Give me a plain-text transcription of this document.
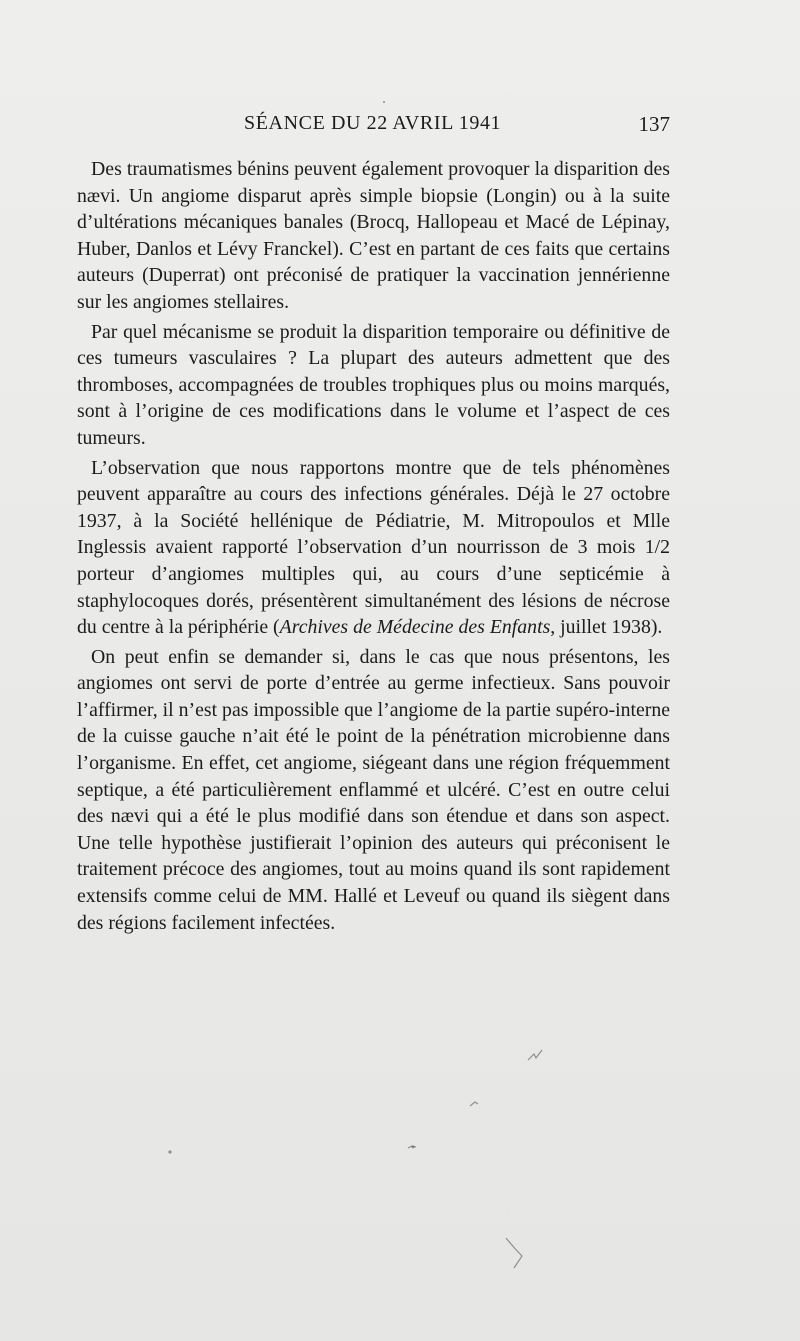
SÉANCE DU 22 AVRIL 1941	137

Des traumatismes bénins peuvent également provoquer la disparition des nævi. Un angiome disparut après simple biopsie (Longin) ou à la suite d’ultérations mécaniques banales (Brocq, Hallopeau et Macé de Lépinay, Huber, Danlos et Lévy Franckel). C’est en partant de ces faits que certains auteurs (Duperrat) ont préconisé de pratiquer la vaccination jennérienne sur les angiomes stellaires.

Par quel mécanisme se produit la disparition temporaire ou définitive de ces tumeurs vasculaires ? La plupart des auteurs admettent que des thromboses, accompagnées de troubles trophiques plus ou moins marqués, sont à l’origine de ces modifications dans le volume et l’aspect de ces tumeurs.

L’observation que nous rapportons montre que de tels phénomènes peuvent apparaître au cours des infections générales. Déjà le 27 octobre 1937, à la Société hellénique de Pédiatrie, M. Mitropoulos et Mlle Inglessis avaient rapporté l’observation d’un nourrisson de 3 mois 1/2 porteur d’angiomes multiples qui, au cours d’une septicémie à staphylocoques dorés, présentèrent simultanément des lésions de nécrose du centre à la périphérie (Archives de Médecine des Enfants, juillet 1938).

On peut enfin se demander si, dans le cas que nous présentons, les angiomes ont servi de porte d’entrée au germe infectieux. Sans pouvoir l’affirmer, il n’est pas impossible que l’angiome de la partie supéro-interne de la cuisse gauche n’ait été le point de la pénétration microbienne dans l’organisme. En effet, cet angiome, siégeant dans une région fréquemment septique, a été particulièrement enflammé et ulcéré. C’est en outre celui des nævi qui a été le plus modifié dans son étendue et dans son aspect. Une telle hypothèse justifierait l’opinion des auteurs qui préconisent le traitement précoce des angiomes, tout au moins quand ils sont rapidement extensifs comme celui de MM. Hallé et Leveuf ou quand ils siègent dans des régions facilement infectées.
